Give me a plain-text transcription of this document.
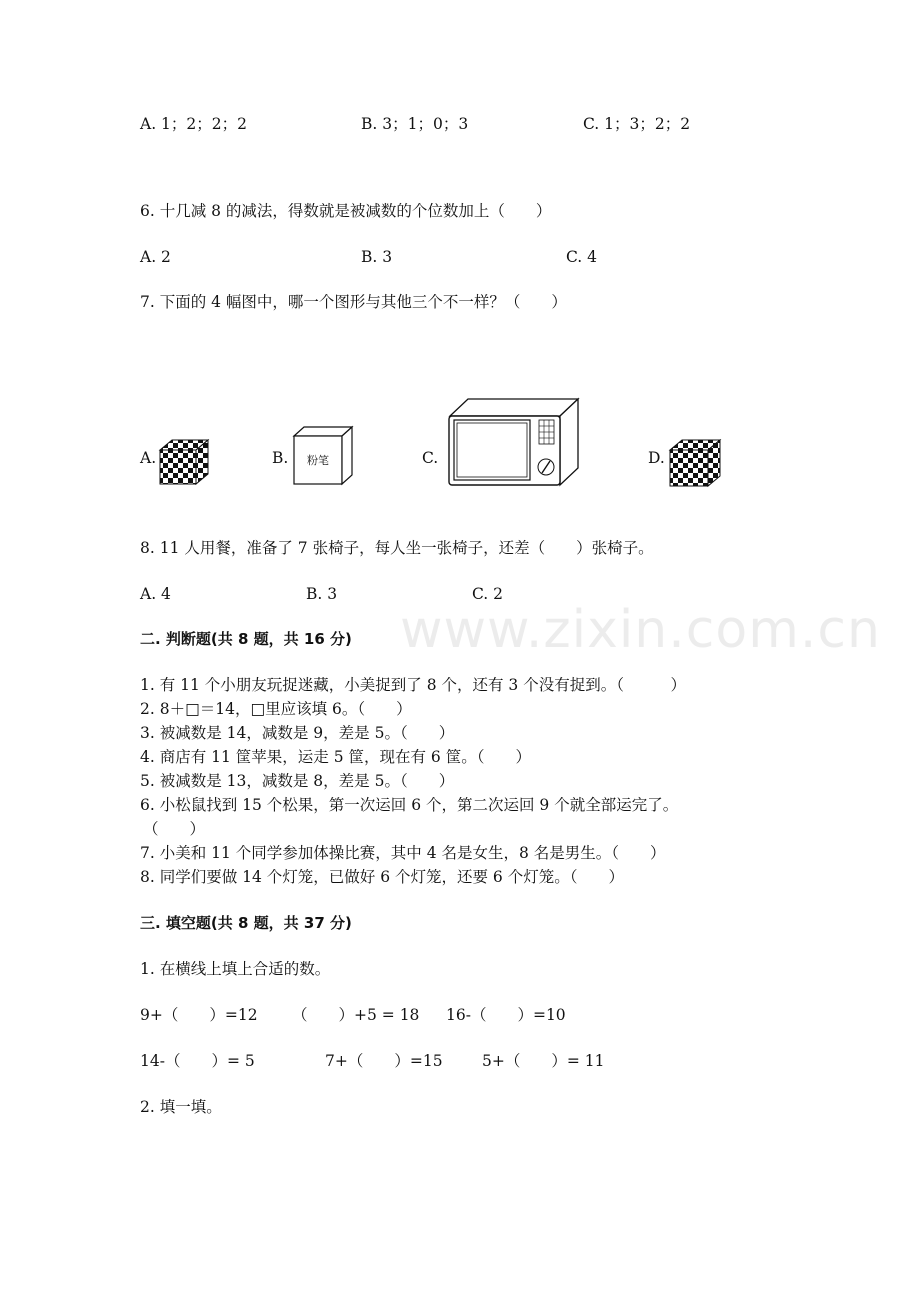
www.zixin.com.cn
A. 1；2；2；2	B. 3；1；0；3	C. 1；3；2；2
6. 十几减 8 的减法，得数就是被减数的个位数加上（　　）
A. 2	B. 3	C. 4
7. 下面的 4 幅图中，哪一个图形与其他三个不一样？（　　）
A.	B. 粉笔	C.	D.
8. 11 人用餐，准备了 7 张椅子，每人坐一张椅子，还差（　　）张椅子。
A. 4	B. 3	C. 2
二. 判断题(共 8 题，共 16 分)
1. 有 11 个小朋友玩捉迷藏，小美捉到了 8 个，还有 3 个没有捉到。（　　　）
2. 8＋□＝14，□里应该填 6。（　　）
3. 被减数是 14，减数是 9，差是 5。（　　）
4. 商店有 11 筐苹果，运走 5 筐，现在有 6 筐。（　　）
5. 被减数是 13，减数是 8，差是 5。（　　）
6. 小松鼠找到 15 个松果，第一次运回 6 个，第二次运回 9 个就全部运完了。
（　　）
7. 小美和 11 个同学参加体操比赛，其中 4 名是女生，8 名是男生。（　　）
8. 同学们要做 14 个灯笼，已做好 6 个灯笼，还要 6 个灯笼。（　　）
三. 填空题(共 8 题，共 37 分)
1. 在横线上填上合适的数。
9+（　　）=12 （　　）+5 = 18 16-（　　）=10
14-（　　）= 5	7+（　　）=15	5+（　　）= 11
2. 填一填。
